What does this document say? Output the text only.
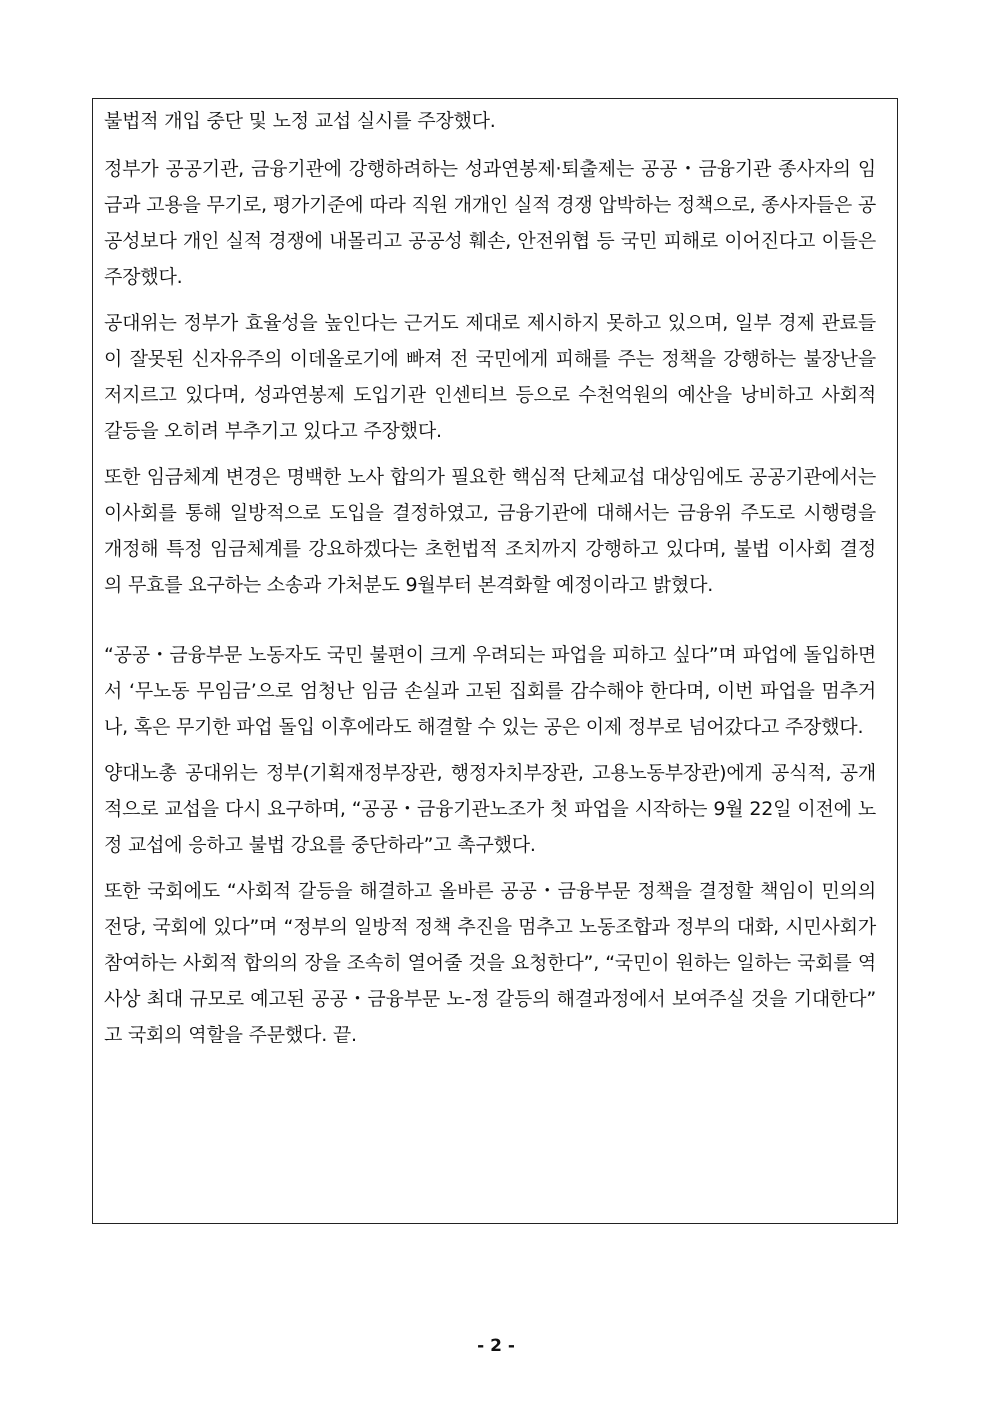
불법적 개입 중단 및 노정 교섭 실시를 주장했다.

정부가 공공기관, 금융기관에 강행하려하는 성과연봉제·퇴출제는 공공・금융기관 종사자의 임금과 고용을 무기로, 평가기준에 따라 직원 개개인 실적 경쟁 압박하는 정책으로, 종사자들은 공공성보다 개인 실적 경쟁에 내몰리고 공공성 훼손, 안전위협 등 국민 피해로 이어진다고 이들은 주장했다.

공대위는 정부가 효율성을 높인다는 근거도 제대로 제시하지 못하고 있으며, 일부 경제 관료들이 잘못된 신자유주의 이데올로기에 빠져 전 국민에게 피해를 주는 정책을 강행하는 불장난을 저지르고 있다며, 성과연봉제 도입기관 인센티브 등으로 수천억원의 예산을 낭비하고 사회적 갈등을 오히려 부추기고 있다고 주장했다.

또한 임금체계 변경은 명백한 노사 합의가 필요한 핵심적 단체교섭 대상임에도 공공기관에서는 이사회를 통해 일방적으로 도입을 결정하였고, 금융기관에 대해서는 금융위 주도로 시행령을 개정해 특정 임금체계를 강요하겠다는 초헌법적 조치까지 강행하고 있다며, 불법 이사회 결정의 무효를 요구하는 소송과 가처분도 9월부터 본격화할 예정이라고 밝혔다.

“공공・금융부문 노동자도 국민 불편이 크게 우려되는 파업을 피하고 싶다”며 파업에 돌입하면서 ‘무노동 무임금’으로 엄청난 임금 손실과 고된 집회를 감수해야 한다며, 이번 파업을 멈추거나, 혹은 무기한 파업 돌입 이후에라도 해결할 수 있는 공은 이제 정부로 넘어갔다고 주장했다.

양대노총 공대위는 정부(기획재정부장관, 행정자치부장관, 고용노동부장관)에게 공식적, 공개적으로 교섭을 다시 요구하며, “공공・금융기관노조가 첫 파업을 시작하는 9월 22일 이전에 노정 교섭에 응하고 불법 강요를 중단하라”고 촉구했다.

또한 국회에도 “사회적 갈등을 해결하고 올바른 공공・금융부문 정책을 결정할 책임이 민의의 전당, 국회에 있다”며 “정부의 일방적 정책 추진을 멈추고 노동조합과 정부의 대화, 시민사회가 참여하는 사회적 합의의 장을 조속히 열어줄 것을 요청한다”, “국민이 원하는 일하는 국회를 역사상 최대 규모로 예고된 공공・금융부문 노-정 갈등의 해결과정에서 보여주실 것을 기대한다” 고 국회의 역할을 주문했다. 끝.

- 2 -
